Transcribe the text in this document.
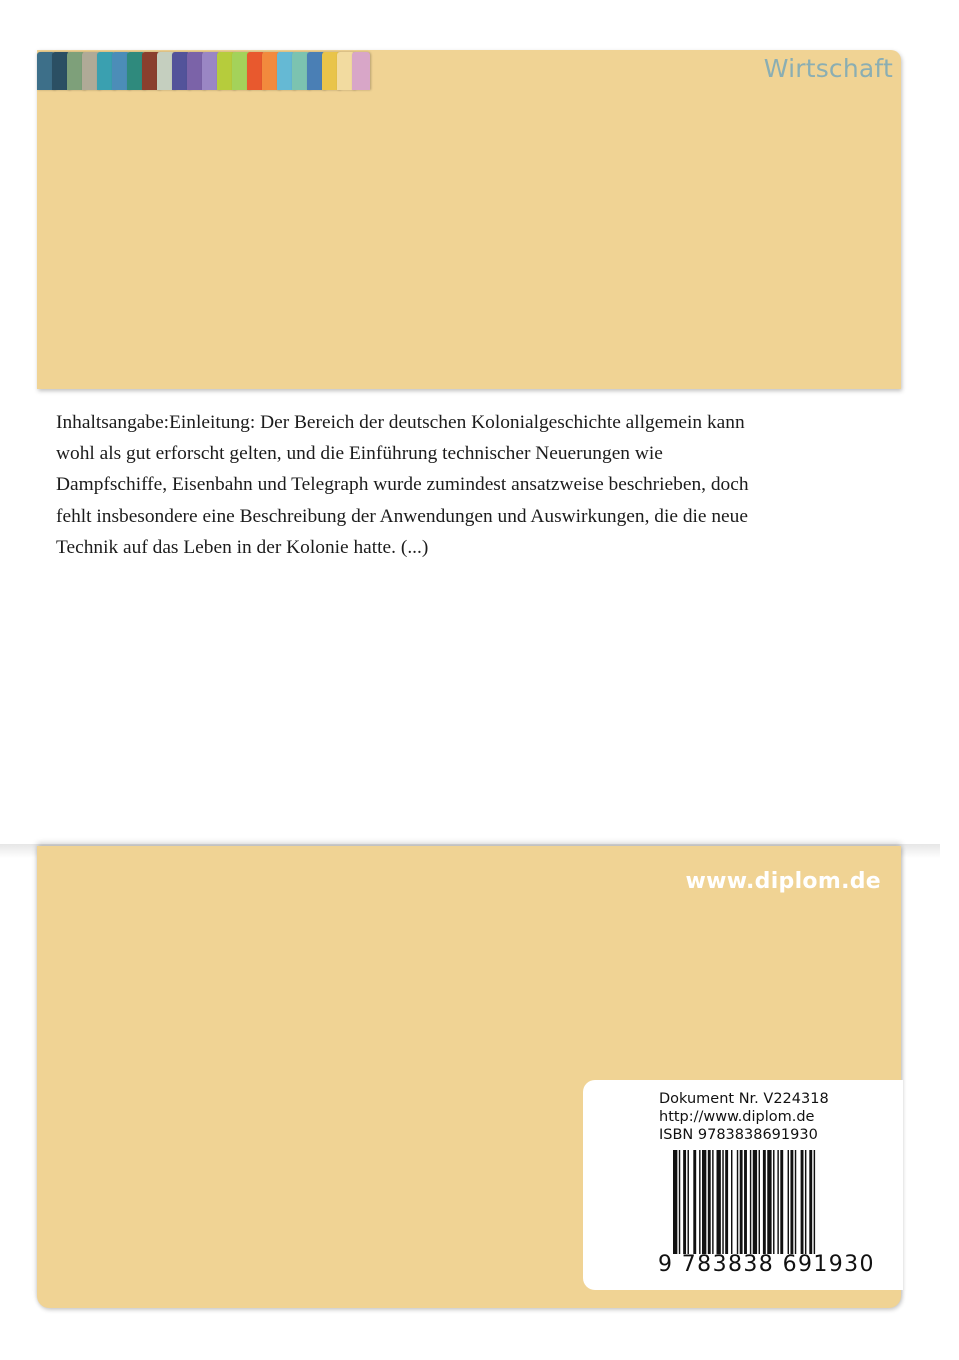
Wirtschaft
Inhaltsangabe:Einleitung: Der Bereich der deutschen Kolonialgeschichte allgemein kann
wohl als gut erforscht gelten, und die Einführung technischer Neuerungen wie
Dampfschiffe, Eisenbahn und Telegraph wurde zumindest ansatzweise beschrieben, doch
fehlt insbesondere eine Beschreibung der Anwendungen und Auswirkungen, die die neue
Technik auf das Leben in der Kolonie hatte. (...)
www.diplom.de
Dokument Nr. V224318
http://www.diplom.de
ISBN 9783838691930
9 783838 691930
